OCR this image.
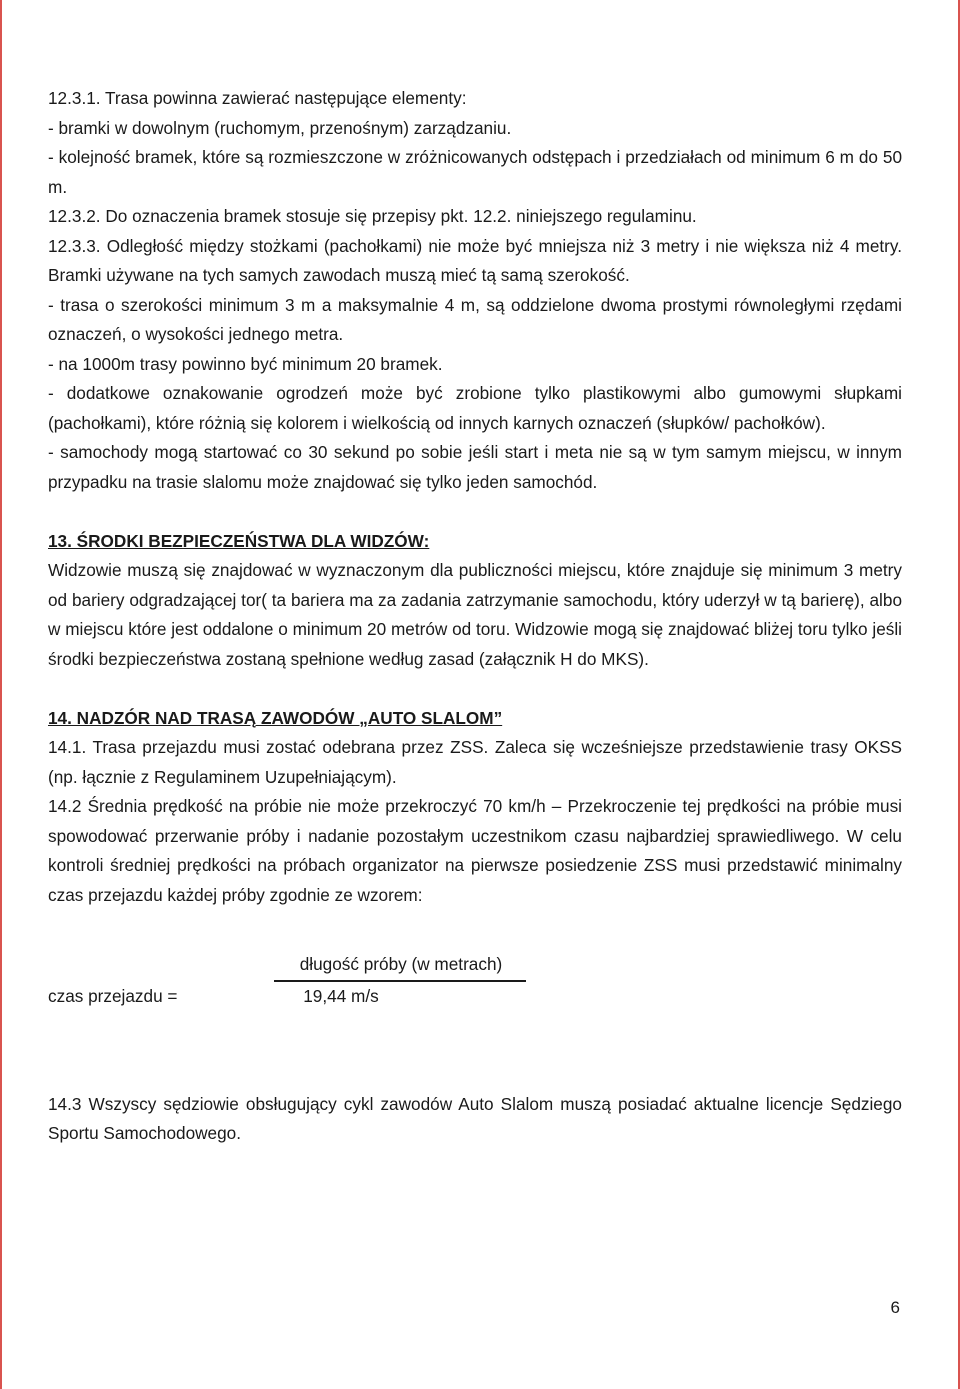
12.3.1. Trasa powinna zawierać następujące elementy:

- bramki w dowolnym (ruchomym, przenośnym) zarządzaniu.

- kolejność bramek, które są rozmieszczone w zróżnicowanych odstępach i przedziałach od minimum 6 m do 50 m.

12.3.2. Do oznaczenia bramek stosuje się przepisy pkt. 12.2. niniejszego regulaminu.

12.3.3. Odległość między stożkami (pachołkami) nie może być mniejsza niż 3 metry i nie większa niż 4 metry. Bramki używane na tych samych zawodach muszą mieć tą samą szerokość.

- trasa o szerokości minimum 3 m a maksymalnie 4 m, są oddzielone dwoma prostymi równoległymi rzędami oznaczeń, o wysokości jednego metra.

- na 1000m trasy powinno być minimum 20 bramek.

- dodatkowe oznakowanie ogrodzeń może być zrobione tylko plastikowymi albo gumowymi słupkami (pachołkami), które różnią się kolorem i wielkością od innych karnych oznaczeń (słupków/ pachołków).

- samochody mogą startować co 30 sekund po sobie jeśli start i meta nie są w tym samym miejscu, w innym przypadku na trasie slalomu może znajdować się tylko jeden samochód.

13. ŚRODKI BEZPIECZEŃSTWA DLA WIDZÓW:

Widzowie muszą się znajdować w wyznaczonym dla publiczności miejscu, które znajduje się minimum 3 metry od bariery odgradzającej tor( ta bariera ma za zadania zatrzymanie samochodu, który uderzył w tą barierę), albo w miejscu które jest oddalone o minimum 20 metrów od toru. Widzowie mogą się znajdować bliżej toru tylko jeśli środki bezpieczeństwa zostaną spełnione według zasad (załącznik H do MKS).

14. NADZÓR NAD TRASĄ ZAWODÓW „AUTO SLALOM”

14.1. Trasa przejazdu musi zostać odebrana przez ZSS. Zaleca się wcześniejsze przedstawienie trasy OKSS (np. łącznie z Regulaminem Uzupełniającym).

14.2 Średnia prędkość na próbie nie może przekroczyć 70 km/h – Przekroczenie tej prędkości na próbie musi spowodować przerwanie próby i nadanie pozostałym uczestnikom czasu najbardziej sprawiedliwego. W celu kontroli średniej prędkości na próbach organizator na pierwsze posiedzenie ZSS musi przedstawić minimalny czas przejazdu każdej próby zgodnie ze wzorem:

długość próby (w metrach)
czas przejazdu =	19,44 m/s

14.3 Wszyscy sędziowie obsługujący cykl zawodów Auto Slalom muszą posiadać aktualne licencje Sędziego Sportu Samochodowego.

6
